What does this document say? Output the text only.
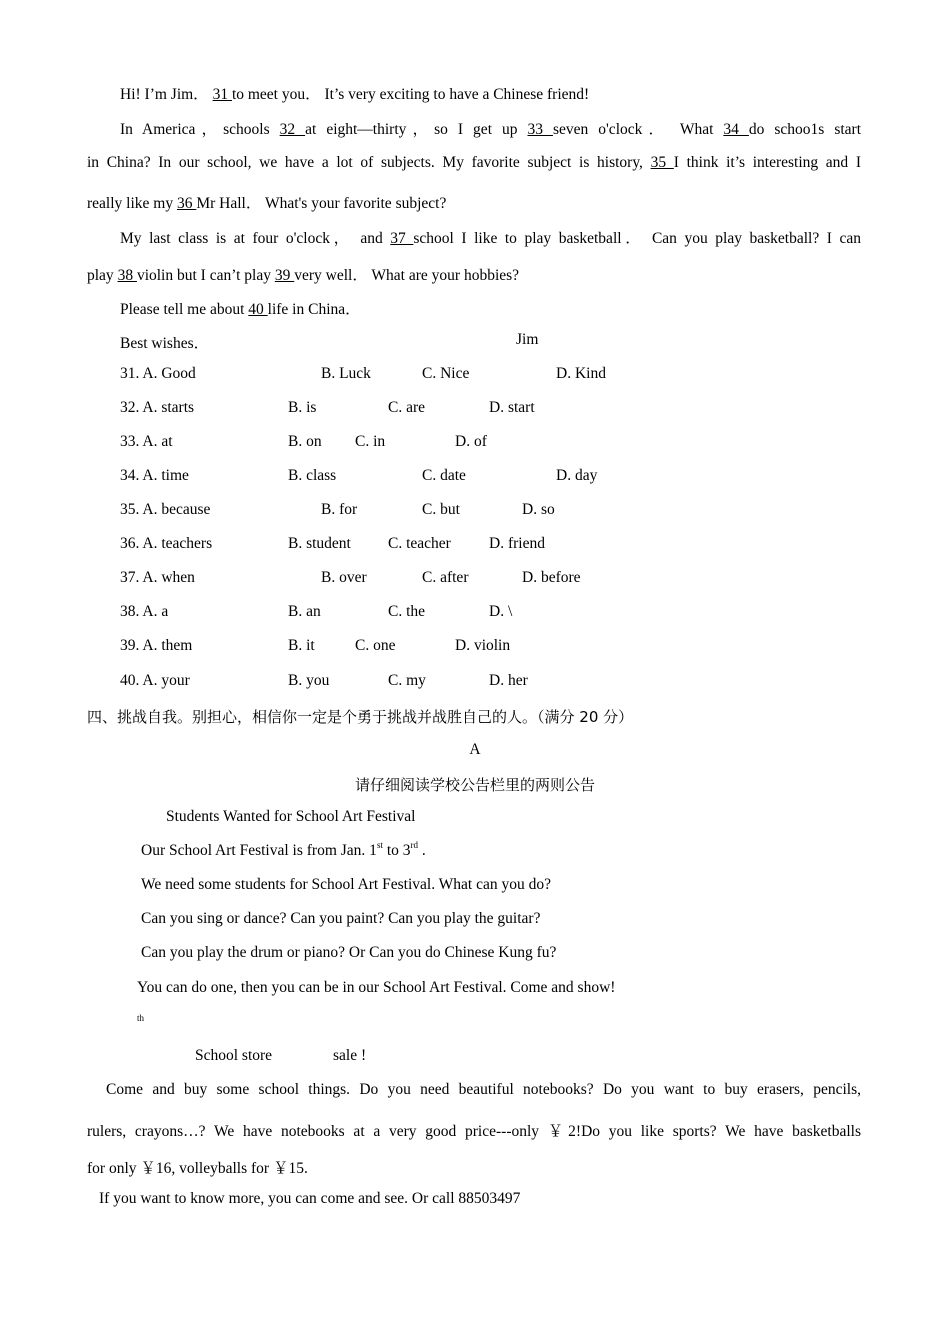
Hi! I’m Jim． 31 to meet you． It’s very exciting to have a Chinese friend!
In America，schools 32 at eight—thirty，so I get up 33 seven o'clock． What 34 do schoo1s start
in China? In our school, we have a lot of subjects. My favorite subject is history, 35 I think it’s interesting and I
really like my 36 Mr Hall． What's your favorite subject?
My last class is at four o'clock， and 37 school I like to play basketball． Can you play basketball? I can
play 38 violin but I can’t play 39 very well． What are your hobbies?
Please tell me about 40 life in China．
Best wishes．	Jim
31. A. Good	B. Luck	C. Nice	D. Kind
32. A. starts	B. is	C. are	D. start
33. A. at	B. on C. in	D. of
34. A. time	B. class	C. date	D. day
35. A. because	B. for	C. but	D. so
36. A. teachers	B. student C. teacher D. friend
37. A. when	B. over	C. after	D. before
38. A. a	B. an	C. the	D. \
39. A. them	B. it	C. one	D. violin
40. A. your	B. you	C. my	D. her
四、挑战自我。别担心，相信你一定是个勇于挑战并战胜自己的人。（满分 20 分）
A
请仔细阅读学校公告栏里的两则公告
Students Wanted for School Art Festival
Our School Art Festival is from Jan. 1st to 3rd .
We need some students for School Art Festival. What can you do?
Can you sing or dance? Can you paint? Can you play the guitar?
Can you play the drum or piano? Or Can you do Chinese Kung fu?
You can do one, then you can be in our School Art Festival. Come and show!
th
School store	sale !
Come and buy some school things. Do you need beautiful notebooks? Do you want to buy erasers, pencils,
rulers, crayons…? We have notebooks at a very good price---only ￥2!Do you like sports? We have basketballs
for only ￥16, volleyballs for ￥15.
If you want to know more, you can come and see. Or call 88503497
